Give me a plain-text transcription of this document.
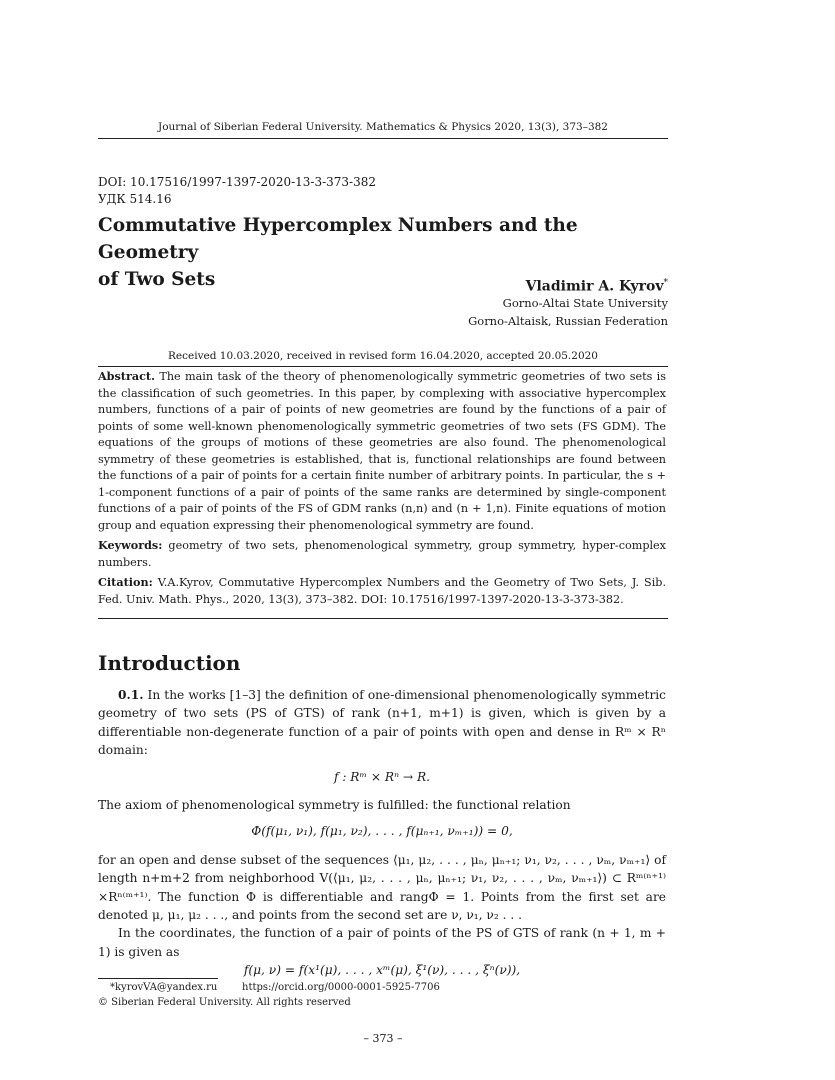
Journal of Siberian Federal University. Mathematics & Physics 2020, 13(3), 373–382
DOI: 10.17516/1997-1397-2020-13-3-373-382
УДК 514.16
Commutative Hypercomplex Numbers and the Geometry
of Two Sets	Vladimir A. Kyrov*
Gorno-Altai State University
Gorno-Altaisk, Russian Federation
Received 10.03.2020, received in revised form 16.04.2020, accepted 20.05.2020

Abstract. The main task of the theory of phenomenologically symmetric geometries of two sets is the classification of such geometries. In this paper, by complexing with associative hypercomplex numbers, functions of a pair of points of new geometries are found by the functions of a pair of points of some well-known phenomenologically symmetric geometries of two sets (FS GDM). The equations of the groups of motions of these geometries are also found. The phenomenological symmetry of these geometries is established, that is, functional relationships are found between the functions of a pair of points for a certain finite number of arbitrary points. In particular, the s + 1-component functions of a pair of points of the same ranks are determined by single-component functions of a pair of points of the FS of GDM ranks (n,n) and (n + 1,n). Finite equations of motion group and equation expressing their phenomenological symmetry are found.

Keywords: geometry of two sets, phenomenological symmetry, group symmetry, hyper-complex numbers.

Citation: V.A.Kyrov, Commutative Hypercomplex Numbers and the Geometry of Two Sets, J. Sib. Fed. Univ. Math. Phys., 2020, 13(3), 373–382. DOI: 10.17516/1997-1397-2020-13-3-373-382.

Introduction

0.1. In the works [1–3] the definition of one-dimensional phenomenologically symmetric geometry of two sets (PS of GTS) of rank (n+1, m+1) is given, which is given by a differentiable non-degenerate function of a pair of points with open and dense in Rᵐ × Rⁿ domain:

f : Rᵐ × Rⁿ → R.

The axiom of phenomenological symmetry is fulfilled: the functional relation

Φ(f(μ₁, ν₁), f(μ₁, ν₂), . . . , f(μₙ₊₁, νₘ₊₁)) = 0,

for an open and dense subset of the sequences ⟨μ₁, μ₂, . . . , μₙ, μₙ₊₁; ν₁, ν₂, . . . , νₘ, νₘ₊₁⟩ of length n+m+2 from neighborhood V(⟨μ₁, μ₂, . . . , μₙ, μₙ₊₁; ν₁, ν₂, . . . , νₘ, νₘ₊₁⟩) ⊂ Rᵐ⁽ⁿ⁺¹⁾×Rⁿ⁽ᵐ⁺¹⁾. The function Φ is differentiable and rangΦ = 1. Points from the first set are denoted μ, μ₁, μ₂ . . ., and points from the second set are ν, ν₁, ν₂ . . .

In the coordinates, the function of a pair of points of the PS of GTS of rank (n + 1, m + 1) is given as

f(μ, ν) = f(x¹(μ), . . . , xᵐ(μ), ξ¹(ν), . . . , ξⁿ(ν)),

*kyrovVA@yandex.ru https://orcid.org/0000-0001-5925-7706
© Siberian Federal University. All rights reserved
– 373 –
